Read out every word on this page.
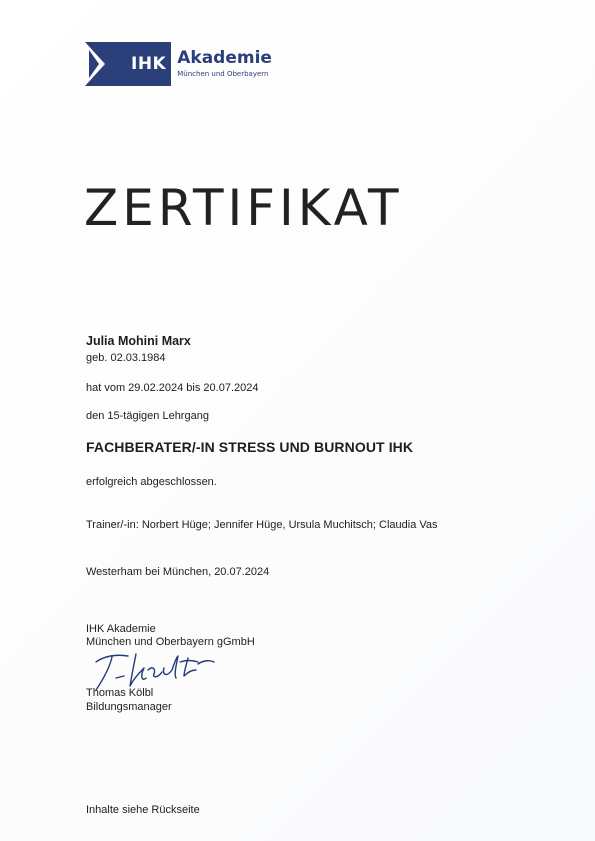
IHK Akademie
München und Oberbayern
ZERTIFIKAT
Julia Mohini Marx
geb. 02.03.1984
hat vom 29.02.2024 bis 20.07.2024
den 15-tägigen Lehrgang
FACHBERATER/-IN STRESS UND BURNOUT IHK
erfolgreich abgeschlossen.
Trainer/-in: Norbert Hüge; Jennifer Hüge, Ursula Muchitsch; Claudia Vas
Westerham bei München, 20.07.2024
IHK Akademie
München und Oberbayern gGmbH
Thomas Kölbl
Bildungsmanager
Inhalte siehe Rückseite
